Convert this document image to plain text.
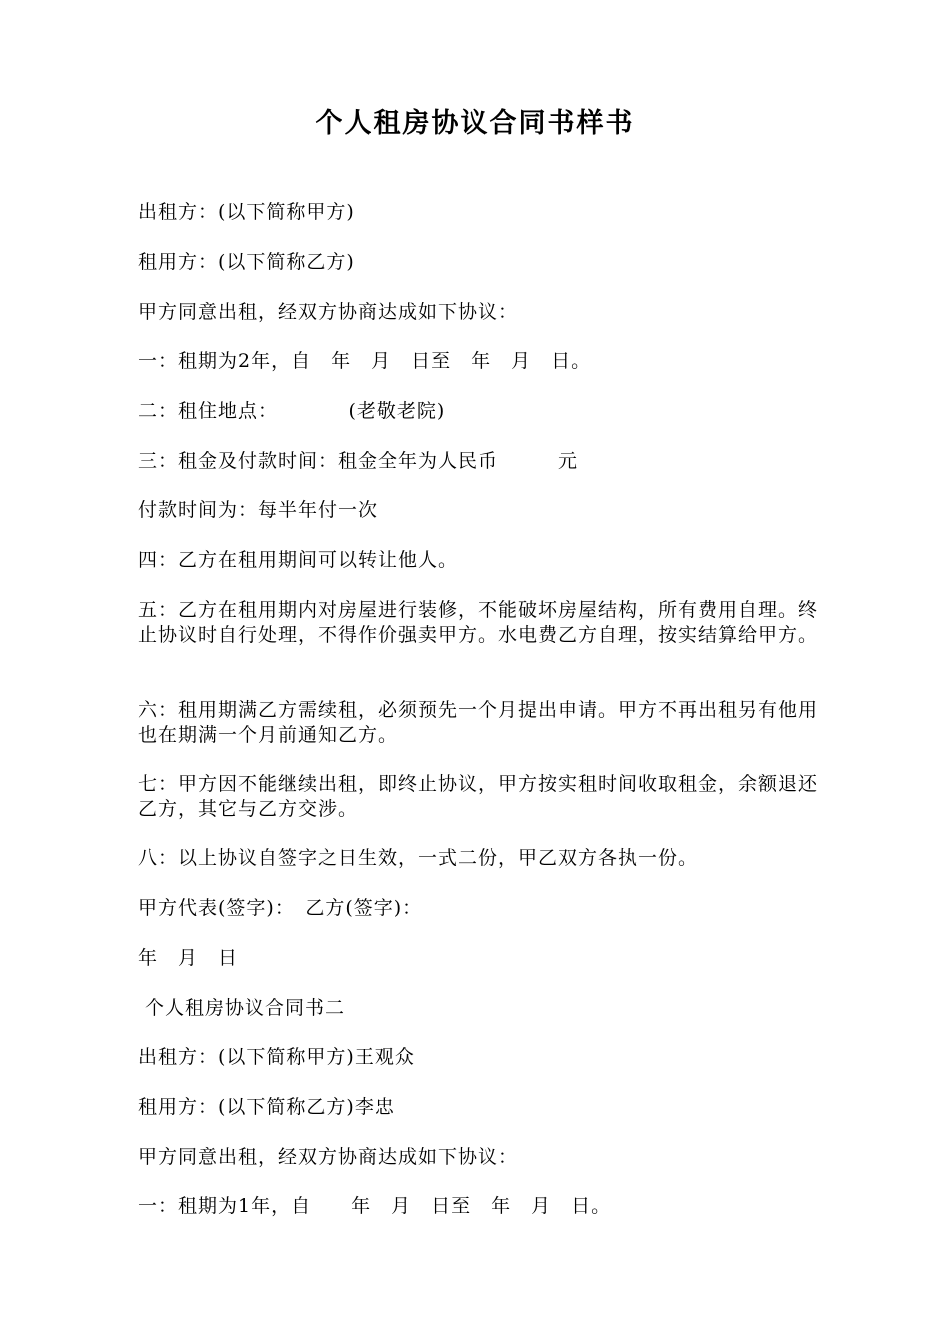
个人租房协议合同书样书

出租方：(以下简称甲方)

租用方：(以下简称乙方)

甲方同意出租，经双方协商达成如下协议：

一：租期为2年，自　年　月　日至　年　月　日。

二：租住地点：　　　　(老敬老院)

三：租金及付款时间：租金全年为人民币　　　元

付款时间为：每半年付一次

四：乙方在租用期间可以转让他人。

五：乙方在租用期内对房屋进行装修，不能破坏房屋结构，所有费用自理。终止协议时自行处理，不得作价强卖甲方。水电费乙方自理，按实结算给甲方。

六：租用期满乙方需续租，必须预先一个月提出申请。甲方不再出租另有他用也在期满一个月前通知乙方。

七：甲方因不能继续出租，即终止协议，甲方按实租时间收取租金，余额退还乙方，其它与乙方交涉。

八：以上协议自签字之日生效，一式二份，甲乙双方各执一份。

甲方代表(签字)：　乙方(签字)：

年　月　日

个人租房协议合同书二

出租方：(以下简称甲方)王观众

租用方：(以下简称乙方)李忠

甲方同意出租，经双方协商达成如下协议：

一：租期为1年，自　　年　月　日至　年　月　日。
